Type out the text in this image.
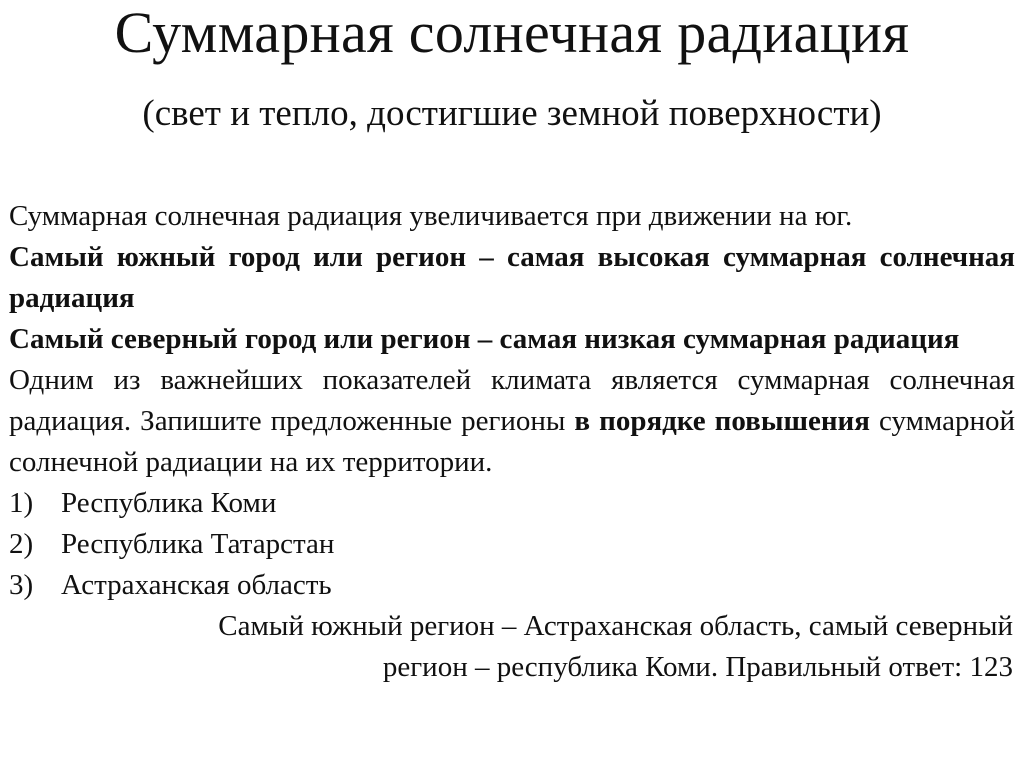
Суммарная солнечная радиация
(свет и тепло, достигшие земной поверхности)
Суммарная солнечная радиация увеличивается при движении на юг.
Самый южный город или регион – самая высокая суммарная солнечная радиация
Самый северный город или регион – самая низкая суммарная радиация
Одним из важнейших показателей климата является суммарная солнечная радиация. Запишите предложенные регионы в порядке повышения суммарной солнечной радиации на их территории.
1) Республика Коми
2) Республика Татарстан
3) Астраханская область
Самый южный регион – Астраханская область, самый северный
регион – республика Коми. Правильный ответ: 123
